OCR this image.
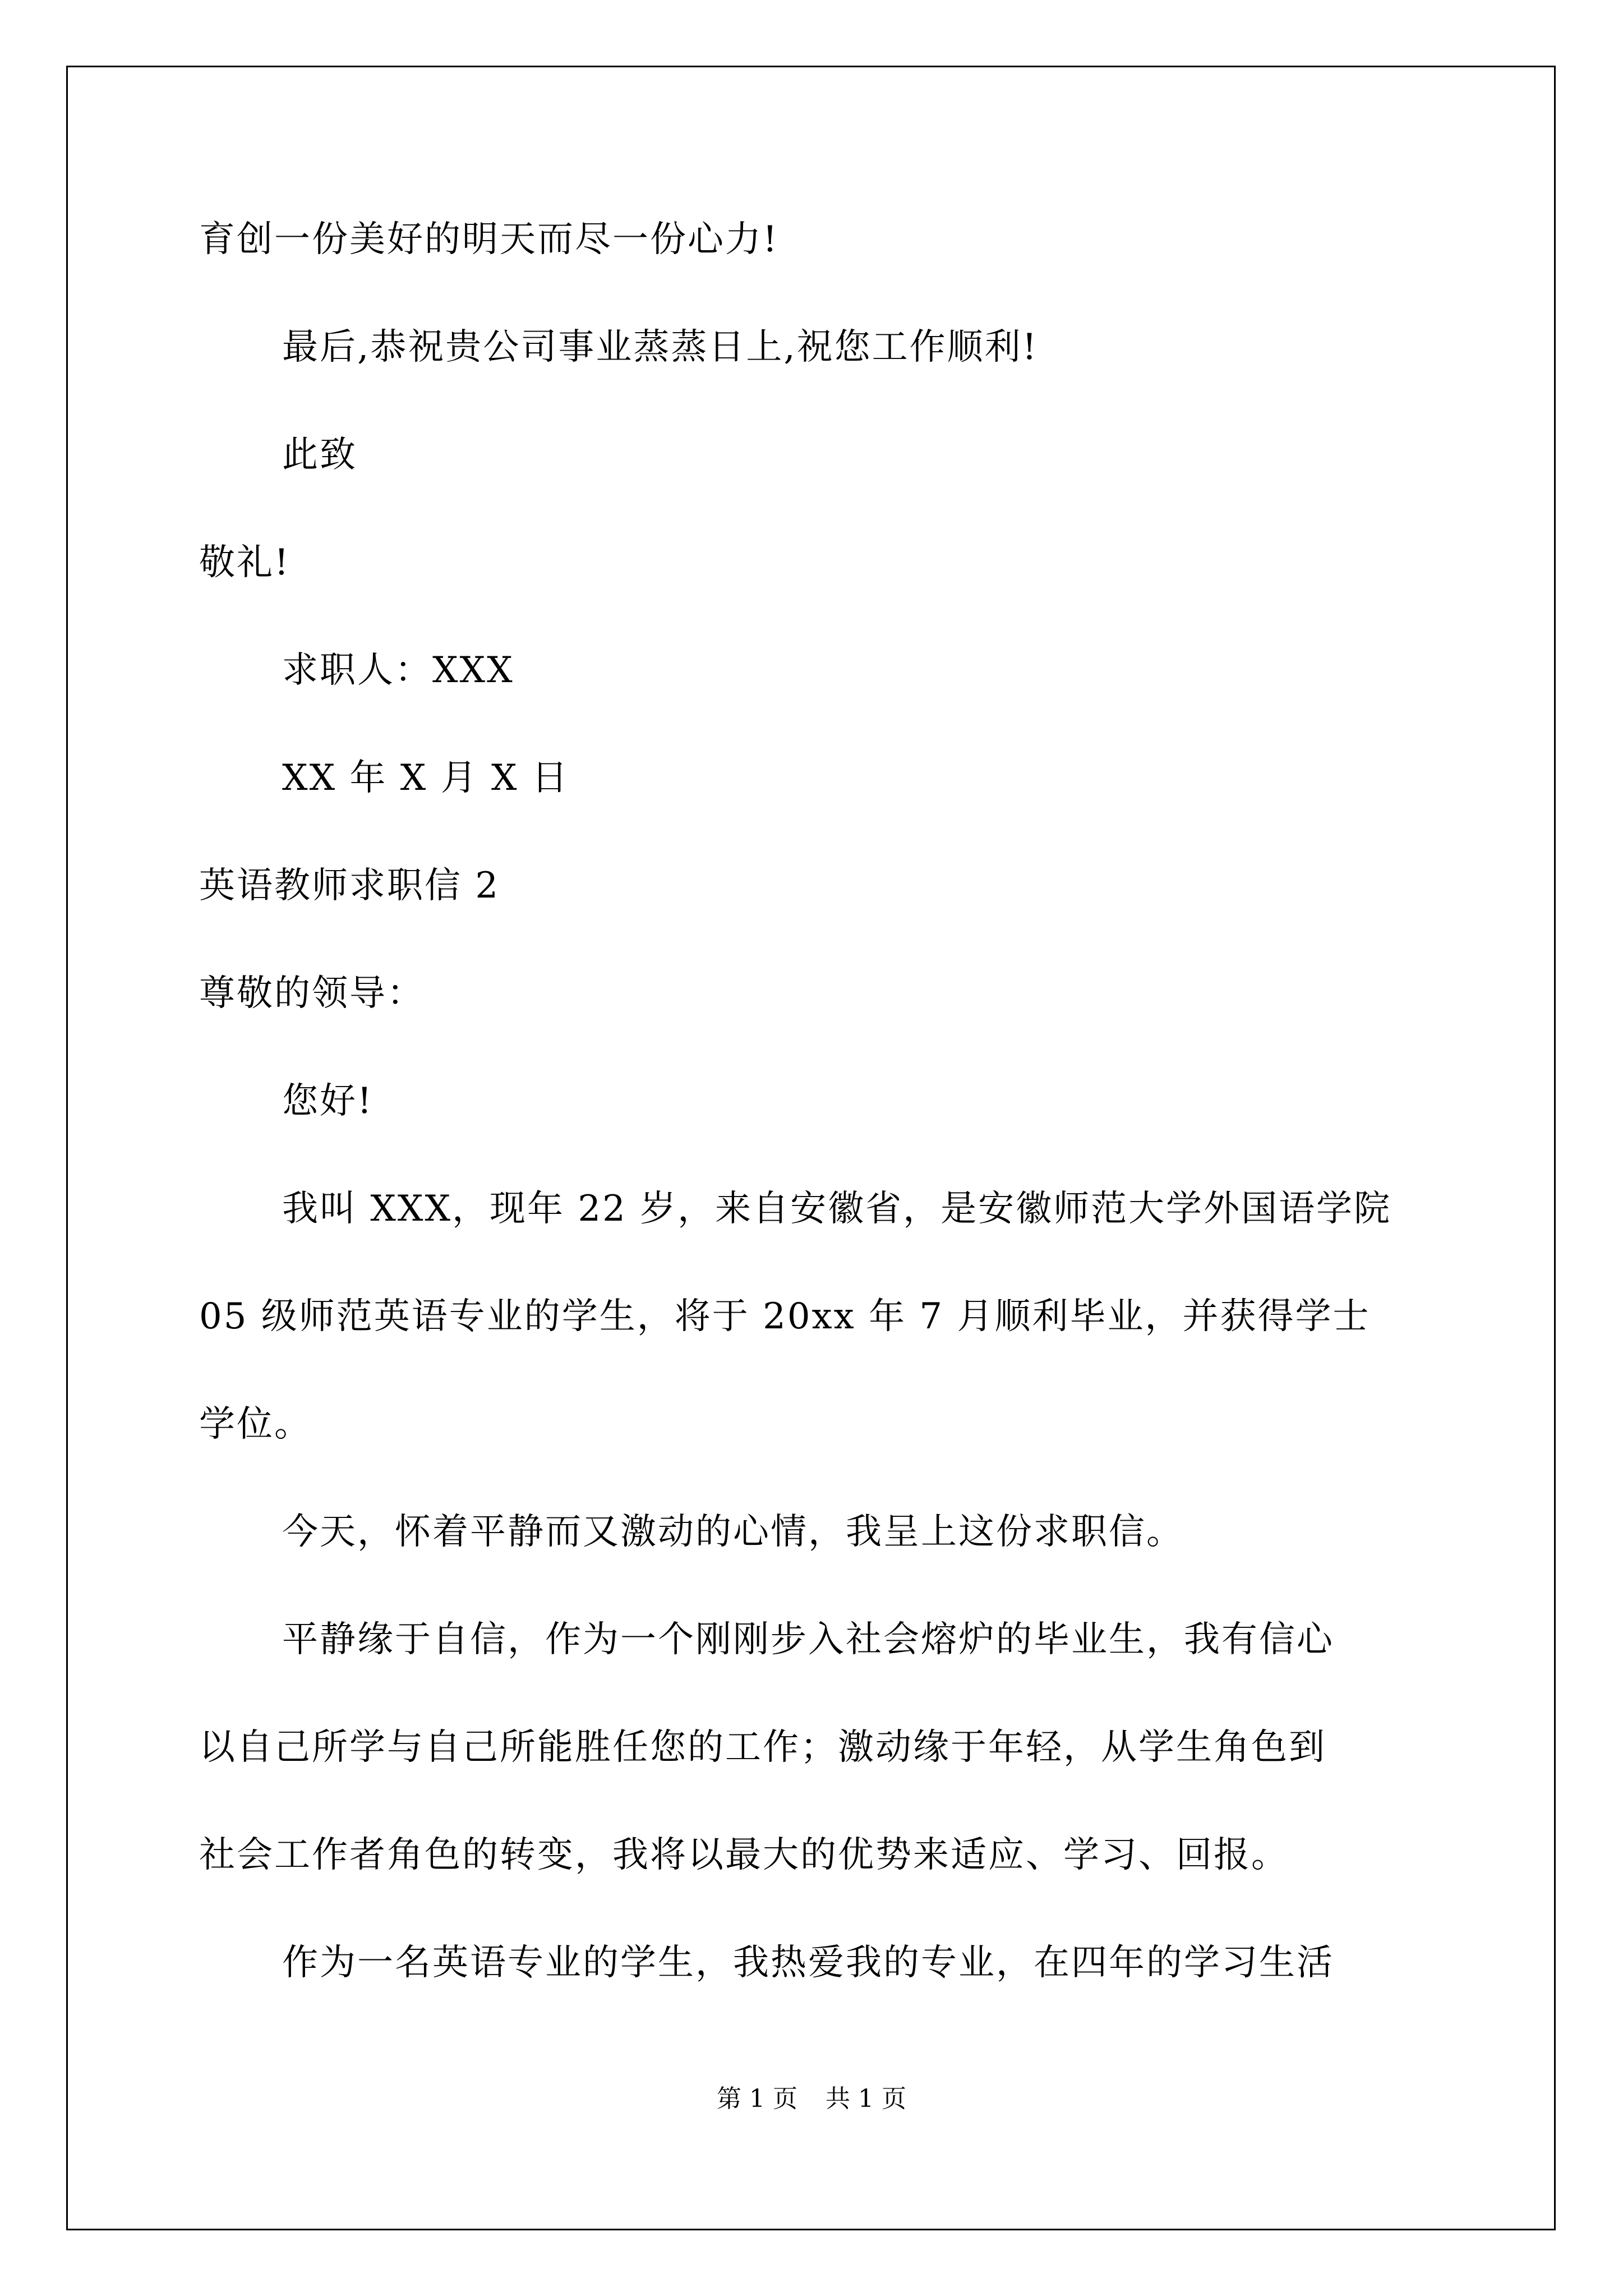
育创一份美好的明天而尽一份心力!
最后,恭祝贵公司事业蒸蒸日上,祝您工作顺利!
此致
敬礼!
求职人：XXX
XX 年 X 月 X 日
英语教师求职信 2
尊敬的领导：
您好!
我叫 XXX，现年 22 岁，来自安徽省，是安徽师范大学外国语学院
05 级师范英语专业的学生，将于 20xx 年 7 月顺利毕业，并获得学士
学位。
今天，怀着平静而又激动的心情，我呈上这份求职信。
平静缘于自信，作为一个刚刚步入社会熔炉的毕业生，我有信心
以自己所学与自己所能胜任您的工作；激动缘于年轻，从学生角色到
社会工作者角色的转变，我将以最大的优势来适应、学习、回报。
作为一名英语专业的学生，我热爱我的专业，在四年的学习生活
第 1 页 共 1 页
